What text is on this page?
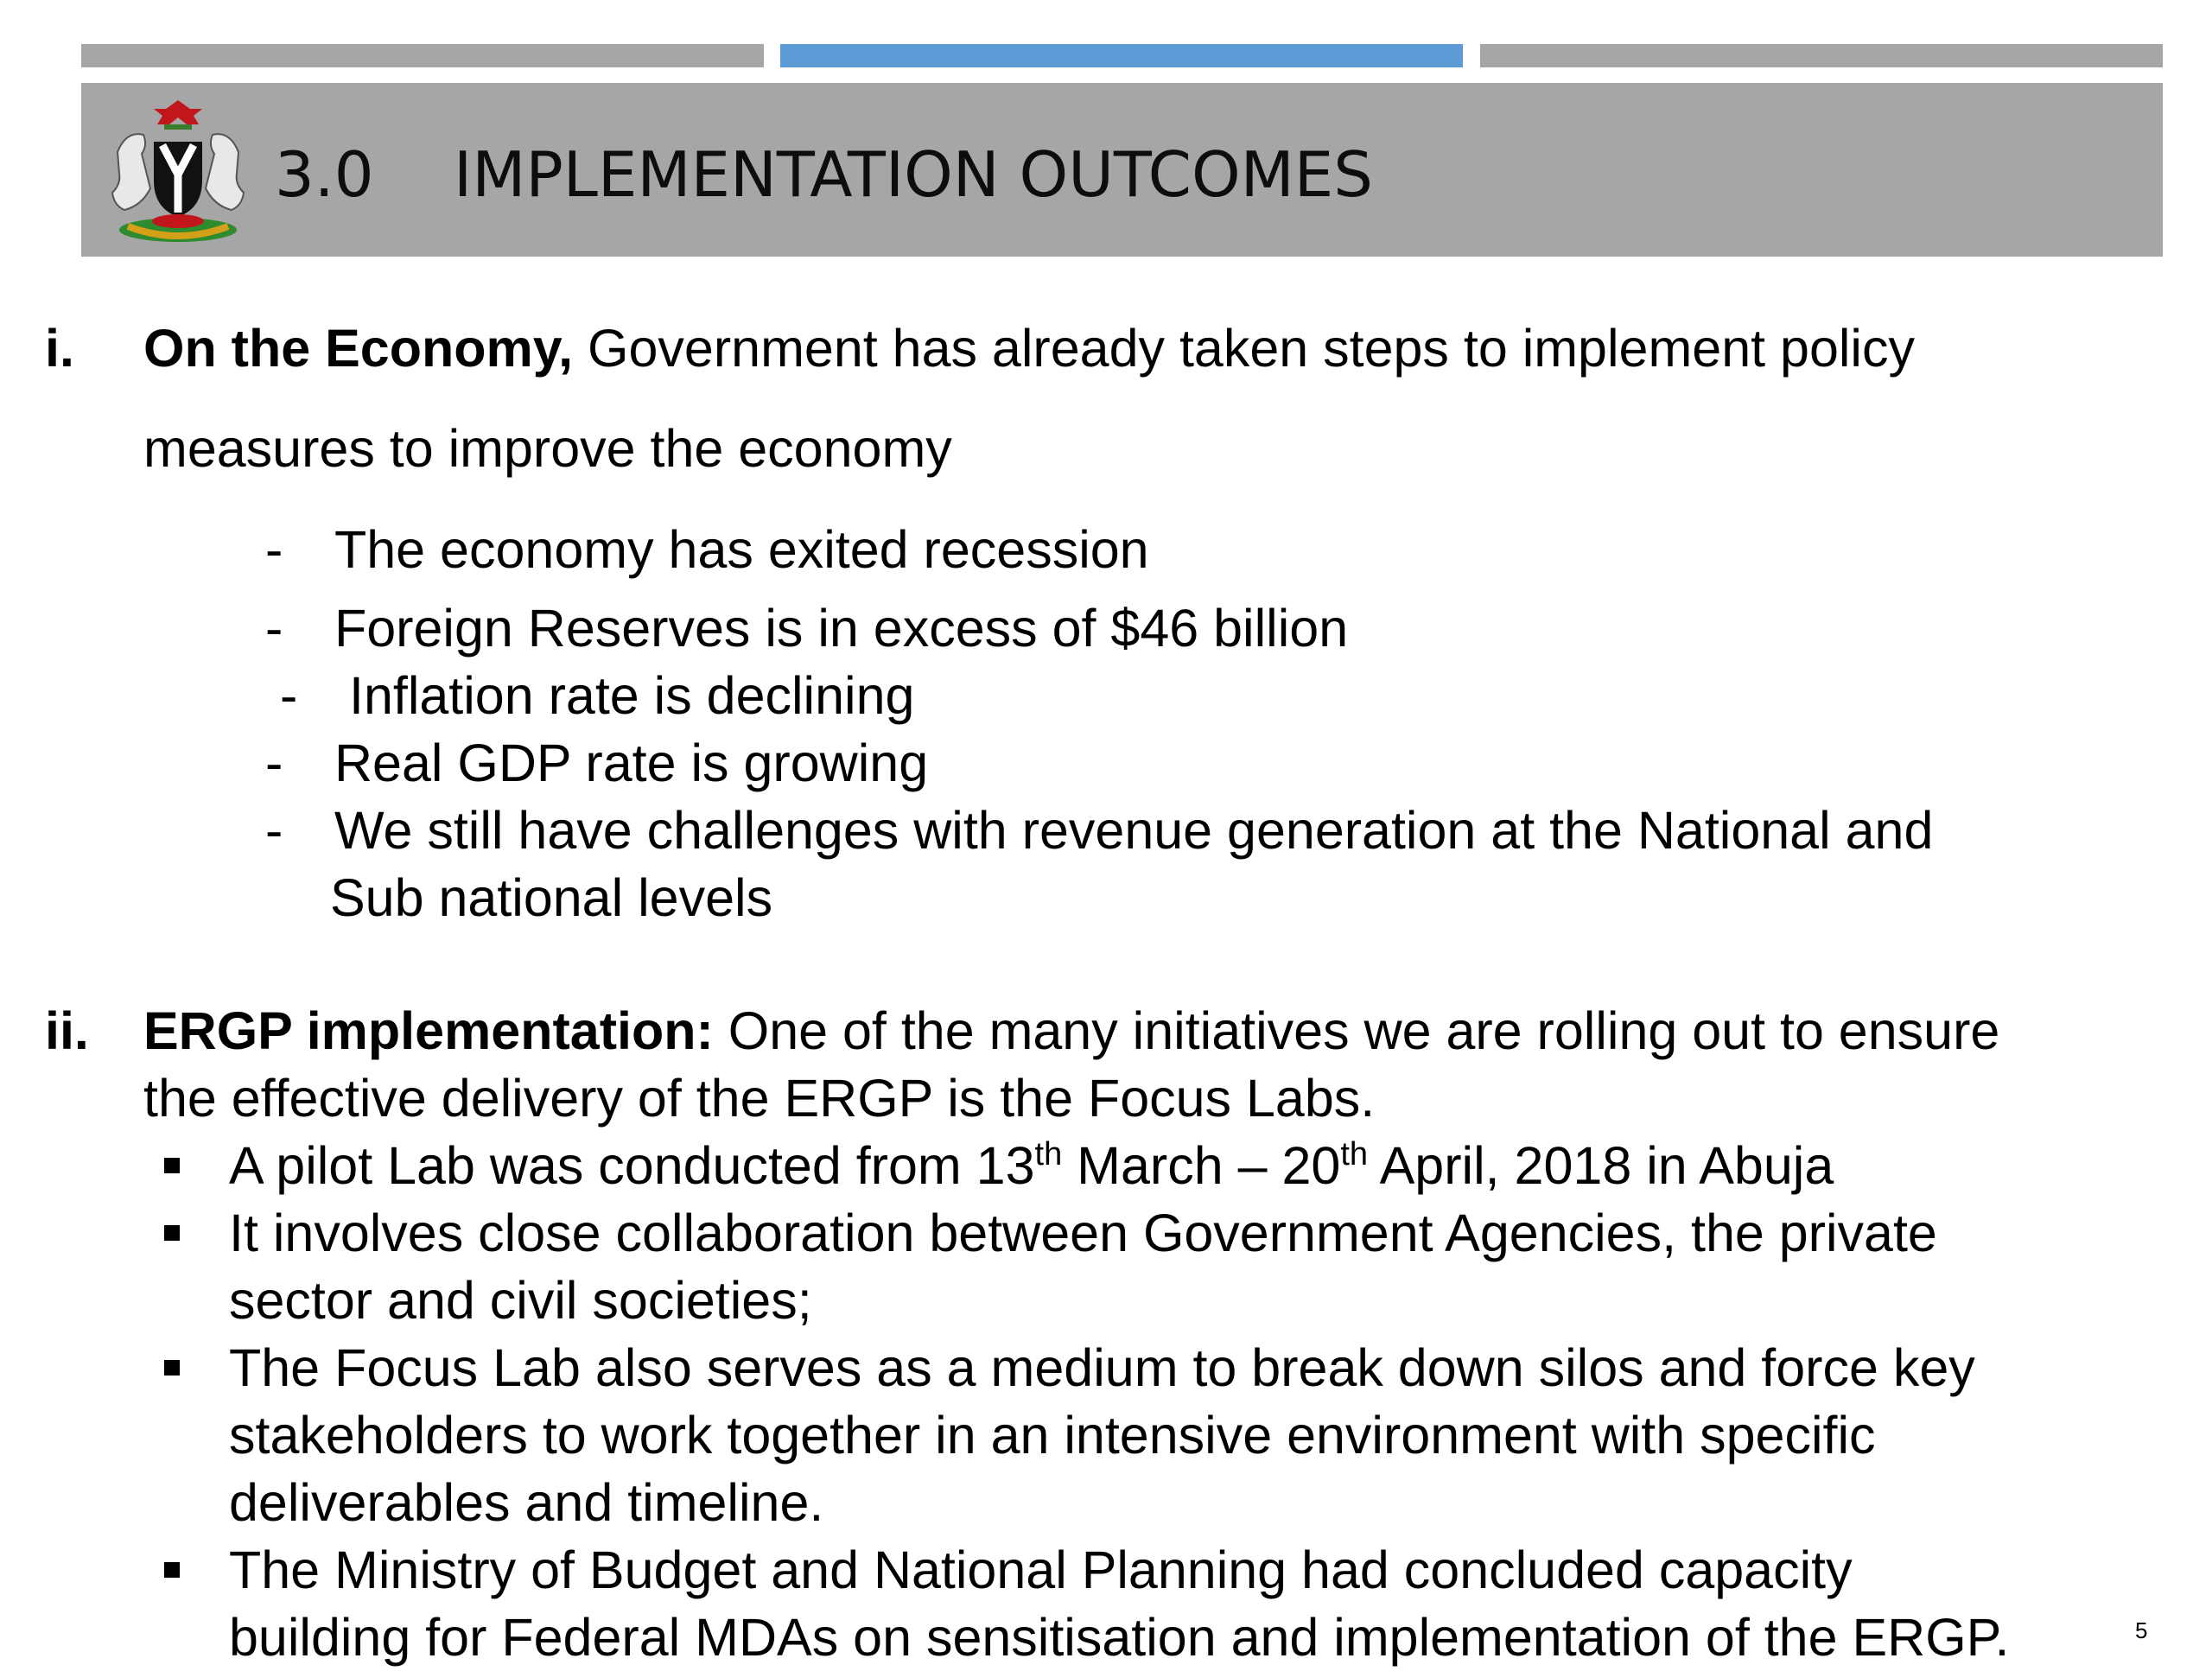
3.0 IMPLEMENTATION OUTCOMES
i. On the Economy, Government has already taken steps to implement policy
measures to improve the economy
- The economy has exited recession
- Foreign Reserves is in excess of $46 billion
- Inflation rate is declining
- Real GDP rate is growing
- We still have challenges with revenue generation at the National and
Sub national levels
ii. ERGP implementation: One of the many initiatives we are rolling out to ensure
the effective delivery of the ERGP is the Focus Labs.
A pilot Lab was conducted from 13th March – 20th April, 2018 in Abuja
It involves close collaboration between Government Agencies, the private
sector and civil societies;
The Focus Lab also serves as a medium to break down silos and force key
stakeholders to work together in an intensive environment with specific
deliverables and timeline.
The Ministry of Budget and National Planning had concluded capacity
building for Federal MDAs on sensitisation and implementation of the ERGP.	5
